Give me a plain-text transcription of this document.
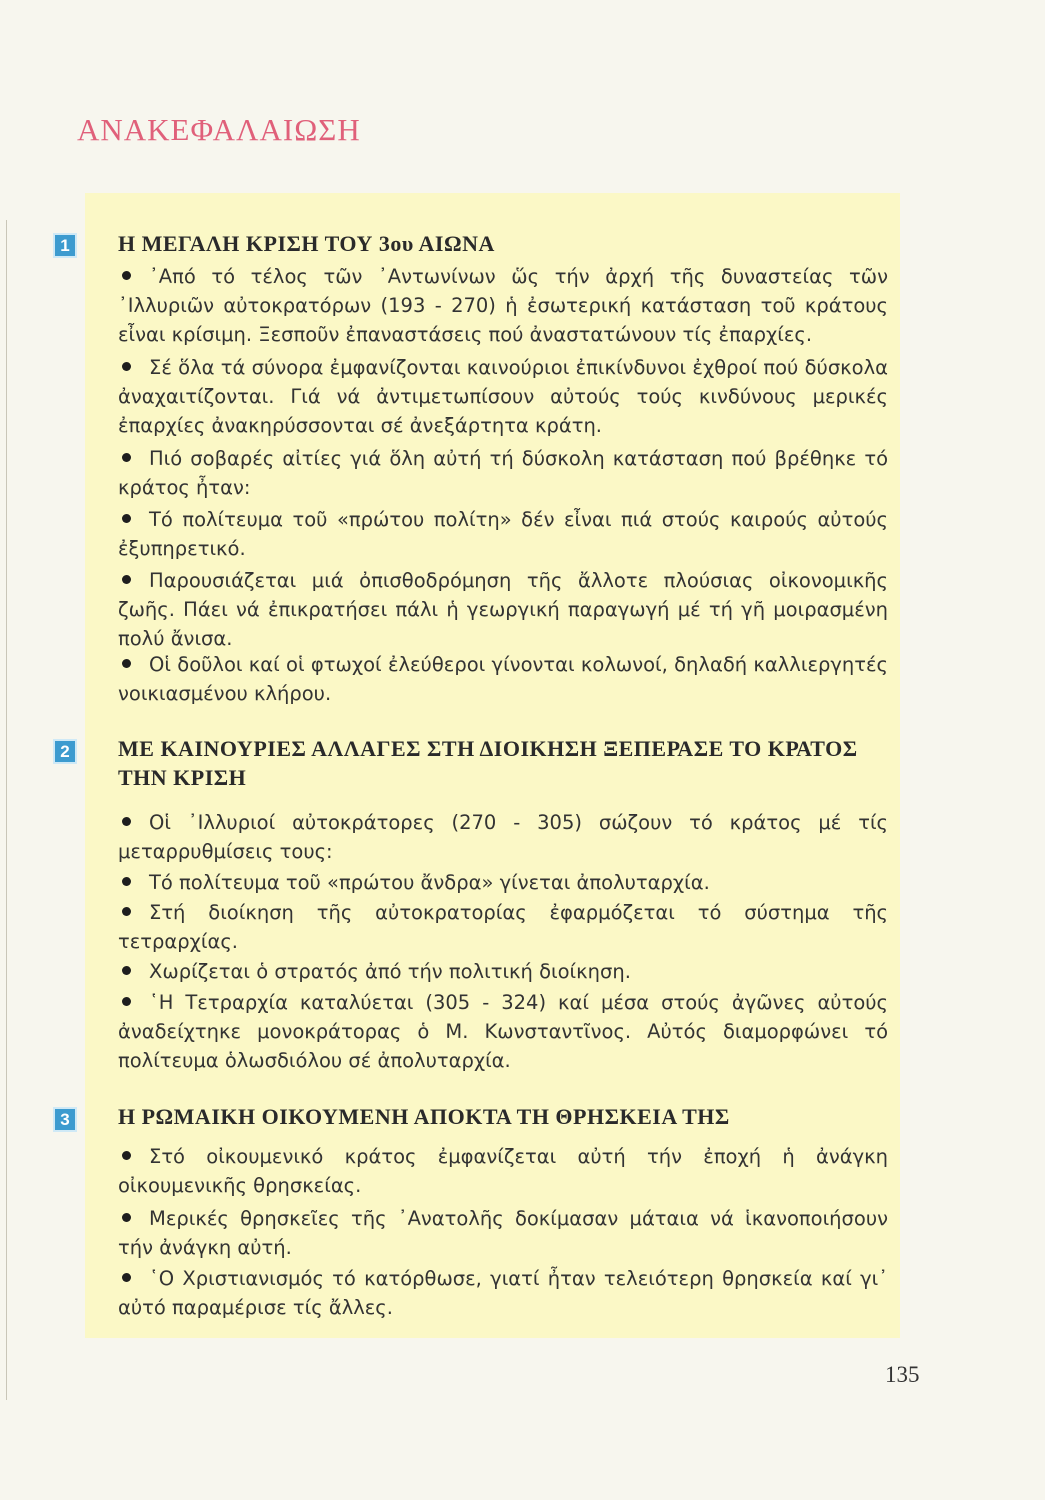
ΑΝΑΚΕΦΑΛΑΙΩΣΗ
1	Η ΜΕΓΑΛΗ ΚΡΙΣΗ ΤΟΥ 3ου ΑΙΩΝΑ

᾽Από τό τέλος τῶν ᾽Αντωνίνων ὥς τήν ἀρχή τῆς δυναστείας τῶν ᾽Ιλλυριῶν αὐτοκρατόρων (193 - 270) ἡ ἐσωτερική κατάσταση τοῦ κράτους εἶναι κρίσιμη. Ξεσποῦν ἐπαναστάσεις πού ἀναστατώνουν τίς ἐπαρχίες.

Σέ ὅλα τά σύνορα ἐμφανίζονται καινούριοι ἐπικίνδυνοι ἐχθροί πού δύσκολα ἀναχαιτίζονται. Γιά νά ἀντιμετωπίσουν αὐτούς τούς κινδύνους μερικές ἐπαρχίες ἀνακηρύσσονται σέ ἀνεξάρτητα κράτη.

Πιό σοβαρές αἰτίες γιά ὅλη αὐτή τή δύσκολη κατάσταση πού βρέθηκε τό κράτος ἦταν:

Τό πολίτευμα τοῦ «πρώτου πολίτη» δέν εἶναι πιά στούς καιρούς αὐτούς ἐξυπηρετικό.

Παρουσιάζεται μιά ὀπισθοδρόμηση τῆς ἄλλοτε πλούσιας οἰκονομικῆς ζωῆς. Πάει νά ἐπικρατήσει πάλι ἡ γεωργική παραγωγή μέ τή γῆ μοιρασμένη πολύ ἄνισα.

Οἱ δοῦλοι καί οἱ φτωχοί ἐλεύθεροι γίνονται κολωνοί, δηλαδή καλλιεργητές νοικιασμένου κλήρου.

2	ΜΕ ΚΑΙΝΟΥΡΙΕΣ ΑΛΛΑΓΕΣ ΣΤΗ ΔΙΟΙΚΗΣΗ ΞΕΠΕΡΑΣΕ ΤΟ ΚΡΑΤΟΣ ΤΗΝ ΚΡΙΣΗ

Οἱ ᾽Ιλλυριοί αὐτοκράτορες (270 - 305) σώζουν τό κράτος μέ τίς μεταρρυθμίσεις τους:

Τό πολίτευμα τοῦ «πρώτου ἄνδρα» γίνεται ἀπολυταρχία.

Στή διοίκηση τῆς αὐτοκρατορίας ἐφαρμόζεται τό σύστημα τῆς τετραρχίας.

Χωρίζεται ὁ στρατός ἀπό τήν πολιτική διοίκηση.

῾Η Τετραρχία καταλύεται (305 - 324) καί μέσα στούς ἀγῶνες αὐτούς ἀναδείχτηκε μονοκράτορας ὁ Μ. Κωνσταντῖνος. Αὐτός διαμορφώνει τό πολίτευμα ὁλωσδιόλου σέ ἀπολυταρχία.

3	Η ΡΩΜΑΙΚΗ ΟΙΚΟΥΜΕΝΗ ΑΠΟΚΤΑ ΤΗ ΘΡΗΣΚΕΙΑ ΤΗΣ

Στό οἰκουμενικό κράτος ἐμφανίζεται αὐτή τήν ἐποχή ἡ ἀνάγκη οἰκουμενικῆς θρησκείας.

Μερικές θρησκεῖες τῆς ᾽Ανατολῆς δοκίμασαν μάταια νά ἱκανοποιήσουν τήν ἀνάγκη αὐτή.

῾Ο Χριστιανισμός τό κατόρθωσε, γιατί ἦταν τελειότερη θρησκεία καί γι᾽ αὐτό παραμέρισε τίς ἄλλες.

135
